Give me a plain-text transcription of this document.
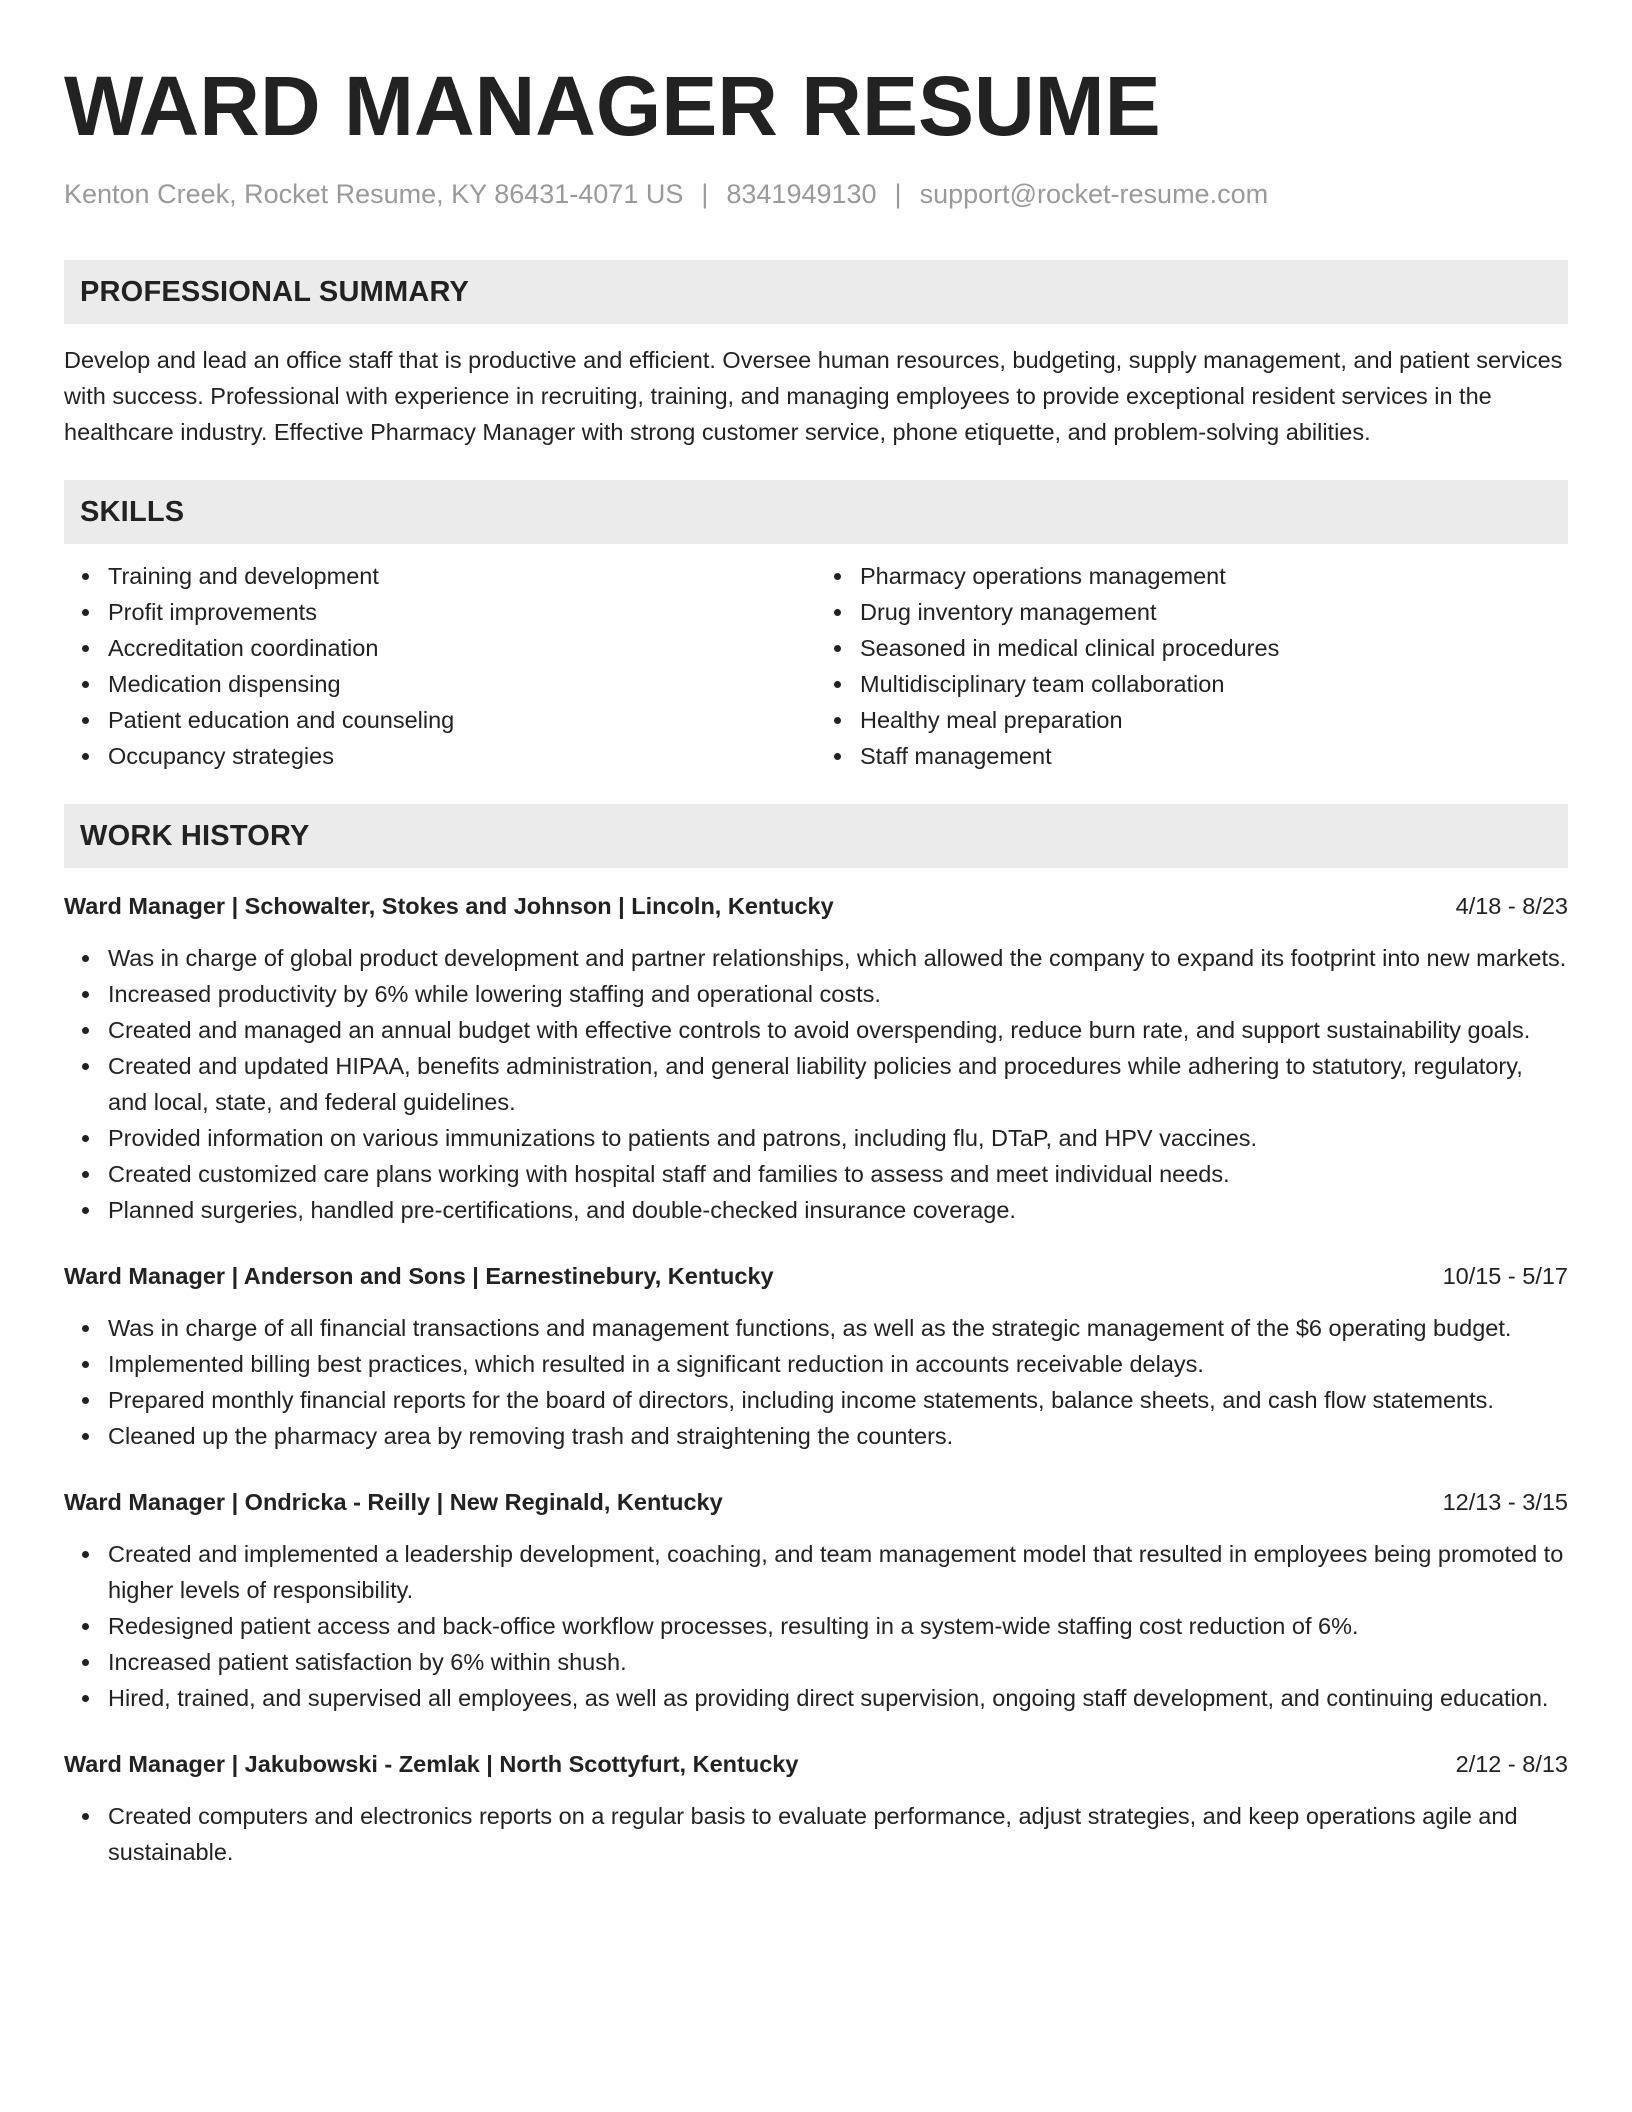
WARD MANAGER RESUME
Kenton Creek, Rocket Resume, KY 86431-4071 US | 8341949130 | support@rocket-resume.com
PROFESSIONAL SUMMARY

Develop and lead an office staff that is productive and efficient. Oversee human resources, budgeting, supply management, and patient services with success. Professional with experience in recruiting, training, and managing employees to provide exceptional resident services in the healthcare industry. Effective Pharmacy Manager with strong customer service, phone etiquette, and problem-solving abilities.

SKILLS
Training and development
Profit improvements
Accreditation coordination
Medication dispensing
Patient education and counseling
Occupancy strategies
Pharmacy operations management
Drug inventory management
Seasoned in medical clinical procedures
Multidisciplinary team collaboration
Healthy meal preparation
Staff management
WORK HISTORY
Ward Manager | Schowalter, Stokes and Johnson | Lincoln, Kentucky	4/18 - 8/23
Was in charge of global product development and partner relationships, which allowed the company to expand its footprint into new markets.
Increased productivity by 6% while lowering staffing and operational costs.
Created and managed an annual budget with effective controls to avoid overspending, reduce burn rate, and support sustainability goals.
Created and updated HIPAA, benefits administration, and general liability policies and procedures while adhering to statutory, regulatory, and local, state, and federal guidelines.
Provided information on various immunizations to patients and patrons, including flu, DTaP, and HPV vaccines.
Created customized care plans working with hospital staff and families to assess and meet individual needs.
Planned surgeries, handled pre-certifications, and double-checked insurance coverage.
Ward Manager | Anderson and Sons | Earnestinebury, Kentucky	10/15 - 5/17
Was in charge of all financial transactions and management functions, as well as the strategic management of the $6 operating budget.
Implemented billing best practices, which resulted in a significant reduction in accounts receivable delays.
Prepared monthly financial reports for the board of directors, including income statements, balance sheets, and cash flow statements.
Cleaned up the pharmacy area by removing trash and straightening the counters.
Ward Manager | Ondricka - Reilly | New Reginald, Kentucky	12/13 - 3/15
Created and implemented a leadership development, coaching, and team management model that resulted in employees being promoted to higher levels of responsibility.
Redesigned patient access and back-office workflow processes, resulting in a system-wide staffing cost reduction of 6%.
Increased patient satisfaction by 6% within shush.
Hired, trained, and supervised all employees, as well as providing direct supervision, ongoing staff development, and continuing education.
Ward Manager | Jakubowski - Zemlak | North Scottyfurt, Kentucky	2/12 - 8/13
Created computers and electronics reports on a regular basis to evaluate performance, adjust strategies, and keep operations agile and sustainable.
